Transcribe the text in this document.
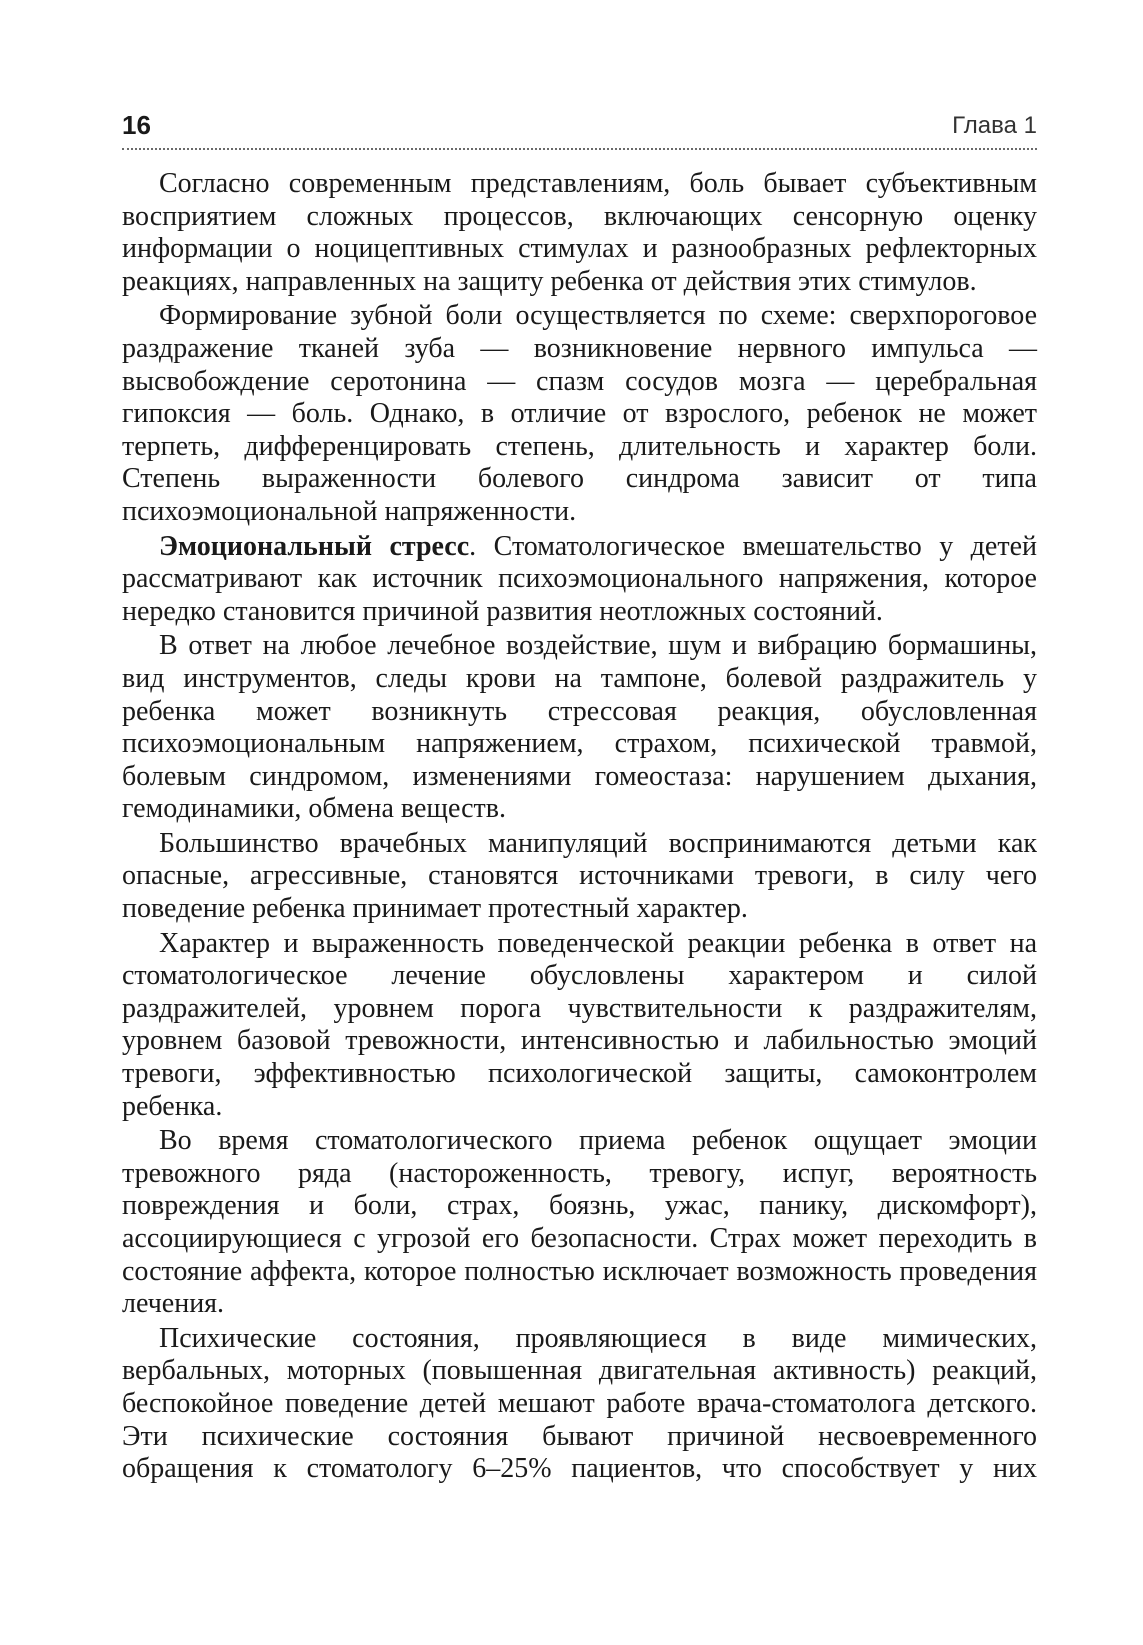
16	Глава 1

Согласно современным представлениям, боль бывает субъективным восприятием сложных процессов, включающих сенсорную оценку информации о ноцицептивных стимулах и разнообразных рефлекторных реакциях, направленных на защиту ребенка от действия этих стимулов.

Формирование зубной боли осуществляется по схеме: сверхпороговое раздражение тканей зуба — возникновение нервного импульса — высвобождение серотонина — спазм сосудов мозга — церебральная гипоксия — боль. Однако, в отличие от взрослого, ребенок не может терпеть, дифференцировать степень, длительность и характер боли. Степень выраженности болевого синдрома зависит от типа психоэмоциональной напряженности.

Эмоциональный стресс. Стоматологическое вмешательство у детей рассматривают как источник психоэмоционального напряжения, которое нередко становится причиной развития неотложных состояний.

В ответ на любое лечебное воздействие, шум и вибрацию бормашины, вид инструментов, следы крови на тампоне, болевой раздражитель у ребенка может возникнуть стрессовая реакция, обусловленная психоэмоциональным напряжением, страхом, психической травмой, болевым синдромом, изменениями гомеостаза: нарушением дыхания, гемодинамики, обмена веществ.

Большинство врачебных манипуляций воспринимаются детьми как опасные, агрессивные, становятся источниками тревоги, в силу чего поведение ребенка принимает протестный характер.

Характер и выраженность поведенческой реакции ребенка в ответ на стоматологическое лечение обусловлены характером и силой раздражителей, уровнем порога чувствительности к раздражителям, уровнем базовой тревожности, интенсивностью и лабильностью эмоций тревоги, эффективностью психологической защиты, самоконтролем ребенка.

Во время стоматологического приема ребенок ощущает эмоции тревожного ряда (настороженность, тревогу, испуг, вероятность повреждения и боли, страх, боязнь, ужас, панику, дискомфорт), ассоциирующиеся с угрозой его безопасности. Страх может переходить в состояние аффекта, которое полностью исключает возможность проведения лечения.

Психические состояния, проявляющиеся в виде мимических, вербальных, моторных (повышенная двигательная активность) реакций, беспокойное поведение детей мешают работе врача-стоматолога детского. Эти психические состояния бывают причиной несвоевременного обращения к стоматологу 6–25% пациентов, что способствует у них
